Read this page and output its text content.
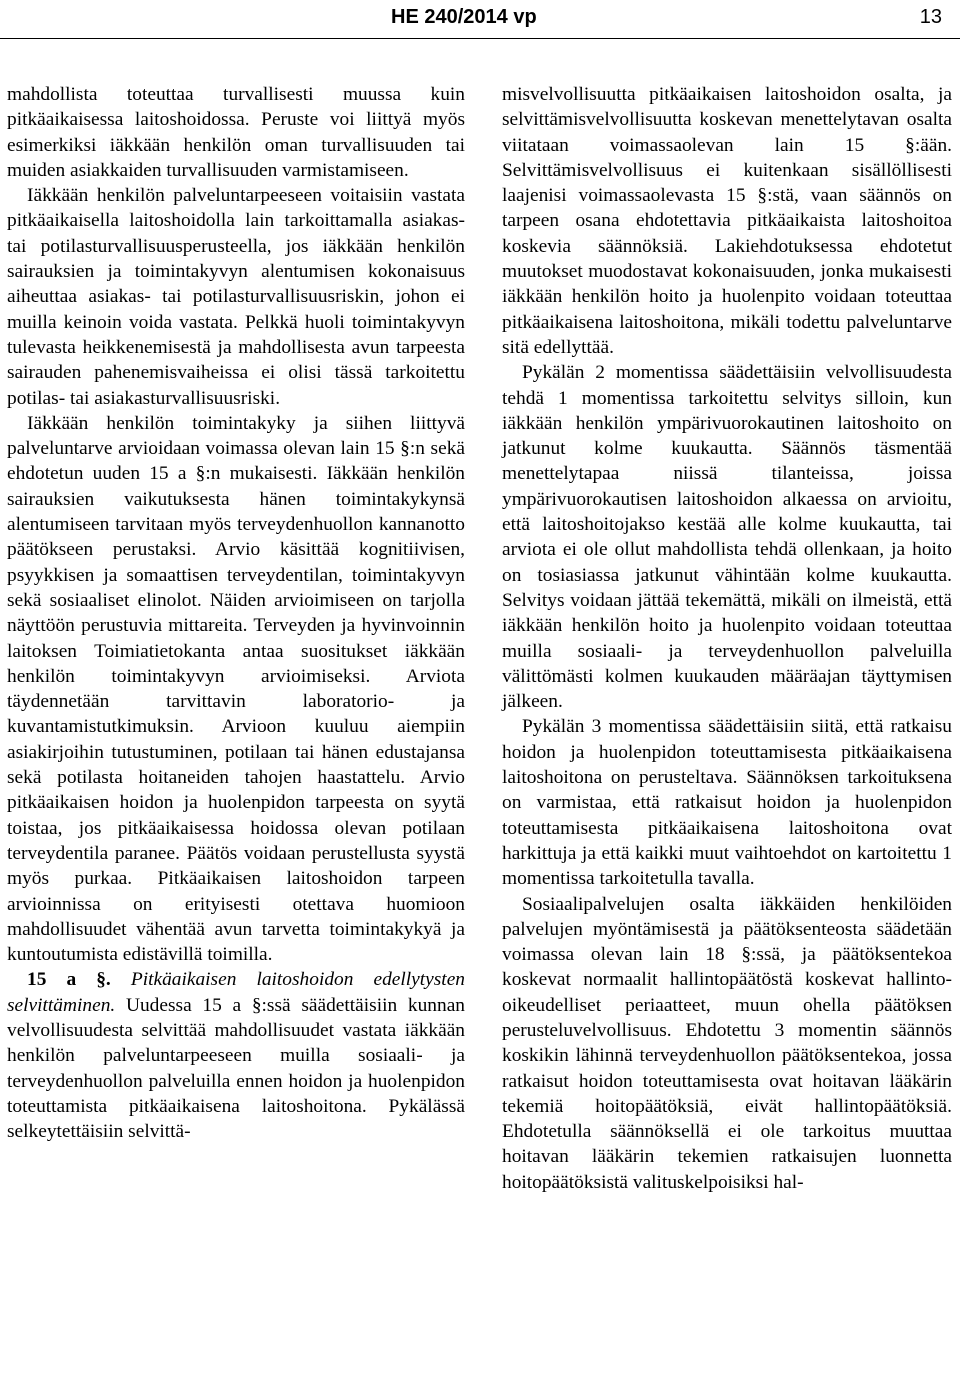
HE 240/2014 vp	13

mahdollista toteuttaa turvallisesti muussa kuin pitkäaikaisessa laitoshoidossa. Peruste voi liittyä myös esimerkiksi iäkkään henkilön oman turvallisuuden tai muiden asiakkaiden turvallisuuden varmistamiseen.

Iäkkään henkilön palveluntarpeeseen voitaisiin vastata pitkäaikaisella laitoshoidolla lain tarkoittamalla asiakas- tai potilasturvallisuusperusteella, jos iäkkään henkilön sairauksien ja toimintakyvyn alentumisen kokonaisuus aiheuttaa asiakas- tai potilasturvallisuusriskin, johon ei muilla keinoin voida vastata. Pelkkä huoli toimintakyvyn tulevasta heikkenemisestä ja mahdollisesta avun tarpeesta sairauden pahenemisvaiheissa ei olisi tässä tarkoitettu potilas- tai asiakasturvallisuusriski.

Iäkkään henkilön toimintakyky ja siihen liittyvä palveluntarve arvioidaan voimassa olevan lain 15 §:n sekä ehdotetun uuden 15 a §:n mukaisesti. Iäkkään henkilön sairauksien vaikutuksesta hänen toimintakykynsä alentumiseen tarvitaan myös terveydenhuollon kannanotto päätökseen perustaksi. Arvio käsittää kognitiivisen, psyykkisen ja somaattisen terveydentilan, toimintakyvyn sekä sosiaaliset elinolot. Näiden arvioimiseen on tarjolla näyttöön perustuvia mittareita. Terveyden ja hyvinvoinnin laitoksen Toimiatietokanta antaa suositukset iäkkään henkilön toimintakyvyn arvioimiseksi. Arviota täydennetään tarvittavin laboratorio- ja kuvantamistutkimuksin. Arvioon kuuluu aiempiin asiakirjoihin tutustuminen, potilaan tai hänen edustajansa sekä potilasta hoitaneiden tahojen haastattelu. Arvio pitkäaikaisen hoidon ja huolenpidon tarpeesta on syytä toistaa, jos pitkäaikaisessa hoidossa olevan potilaan terveydentila paranee. Päätös voidaan perustellusta syystä myös purkaa. Pitkäaikaisen laitoshoidon tarpeen arvioinnissa on erityisesti otettava huomioon mahdollisuudet vähentää avun tarvetta toimintakykyä ja kuntoutumista edistävillä toimilla.

15 a §. Pitkäaikaisen laitoshoidon edellytysten selvittäminen. Uudessa 15 a §:ssä säädettäisiin kunnan velvollisuudesta selvittää mahdollisuudet vastata iäkkään henkilön palveluntarpeeseen muilla sosiaali- ja terveydenhuollon palveluilla ennen hoidon ja huolenpidon toteuttamista pitkäaikaisena laitoshoitona. Pykälässä selkeytettäisiin selvittä-

misvelvollisuutta pitkäaikaisen laitoshoidon osalta, ja selvittämisvelvollisuutta koskevan menettelytavan osalta viitataan voimassaolevan lain 15 §:ään. Selvittämisvelvollisuus ei kuitenkaan sisällöllisesti laajenisi voimassaolevasta 15 §:stä, vaan säännös on tarpeen osana ehdotettavia pitkäaikaista laitoshoitoa koskevia säännöksiä. Lakiehdotuksessa ehdotetut muutokset muodostavat kokonaisuuden, jonka mukaisesti iäkkään henkilön hoito ja huolenpito voidaan toteuttaa pitkäaikaisena laitoshoitona, mikäli todettu palveluntarve sitä edellyttää.

Pykälän 2 momentissa säädettäisiin velvollisuudesta tehdä 1 momentissa tarkoitettu selvitys silloin, kun iäkkään henkilön ympärivuorokautinen laitoshoito on jatkunut kolme kuukautta. Säännös täsmentää menettelytapaa niissä tilanteissa, joissa ympärivuorokautisen laitoshoidon alkaessa on arvioitu, että laitoshoitojakso kestää alle kolme kuukautta, tai arviota ei ole ollut mahdollista tehdä ollenkaan, ja hoito on tosiasiassa jatkunut vähintään kolme kuukautta. Selvitys voidaan jättää tekemättä, mikäli on ilmeistä, että iäkkään henkilön hoito ja huolenpito voidaan toteuttaa muilla sosiaali- ja terveydenhuollon palveluilla välittömästi kolmen kuukauden määräajan täyttymisen jälkeen.

Pykälän 3 momentissa säädettäisiin siitä, että ratkaisu hoidon ja huolenpidon toteuttamisesta pitkäaikaisena laitoshoitona on perusteltava. Säännöksen tarkoituksena on varmistaa, että ratkaisut hoidon ja huolenpidon toteuttamisesta pitkäaikaisena laitoshoitona ovat harkittuja ja että kaikki muut vaihtoehdot on kartoitettu 1 momentissa tarkoitetulla tavalla.

Sosiaalipalvelujen osalta iäkkäiden henkilöiden palvelujen myöntämisestä ja päätöksenteosta säädetään voimassa olevan lain 18 §:ssä, ja päätöksentekoa koskevat normaalit hallintopäätöstä koskevat hallinto-oikeudelliset periaatteet, muun ohella päätöksen perusteluvelvollisuus. Ehdotettu 3 momentin säännös koskikin lähinnä terveydenhuollon päätöksentekoa, jossa ratkaisut hoidon toteuttamisesta ovat hoitavan lääkärin tekemiä hoitopäätöksiä, eivät hallintopäätöksiä. Ehdotetulla säännöksellä ei ole tarkoitus muuttaa hoitavan lääkärin tekemien ratkaisujen luonnetta hoitopäätöksistä valituskelpoisiksi hal-
